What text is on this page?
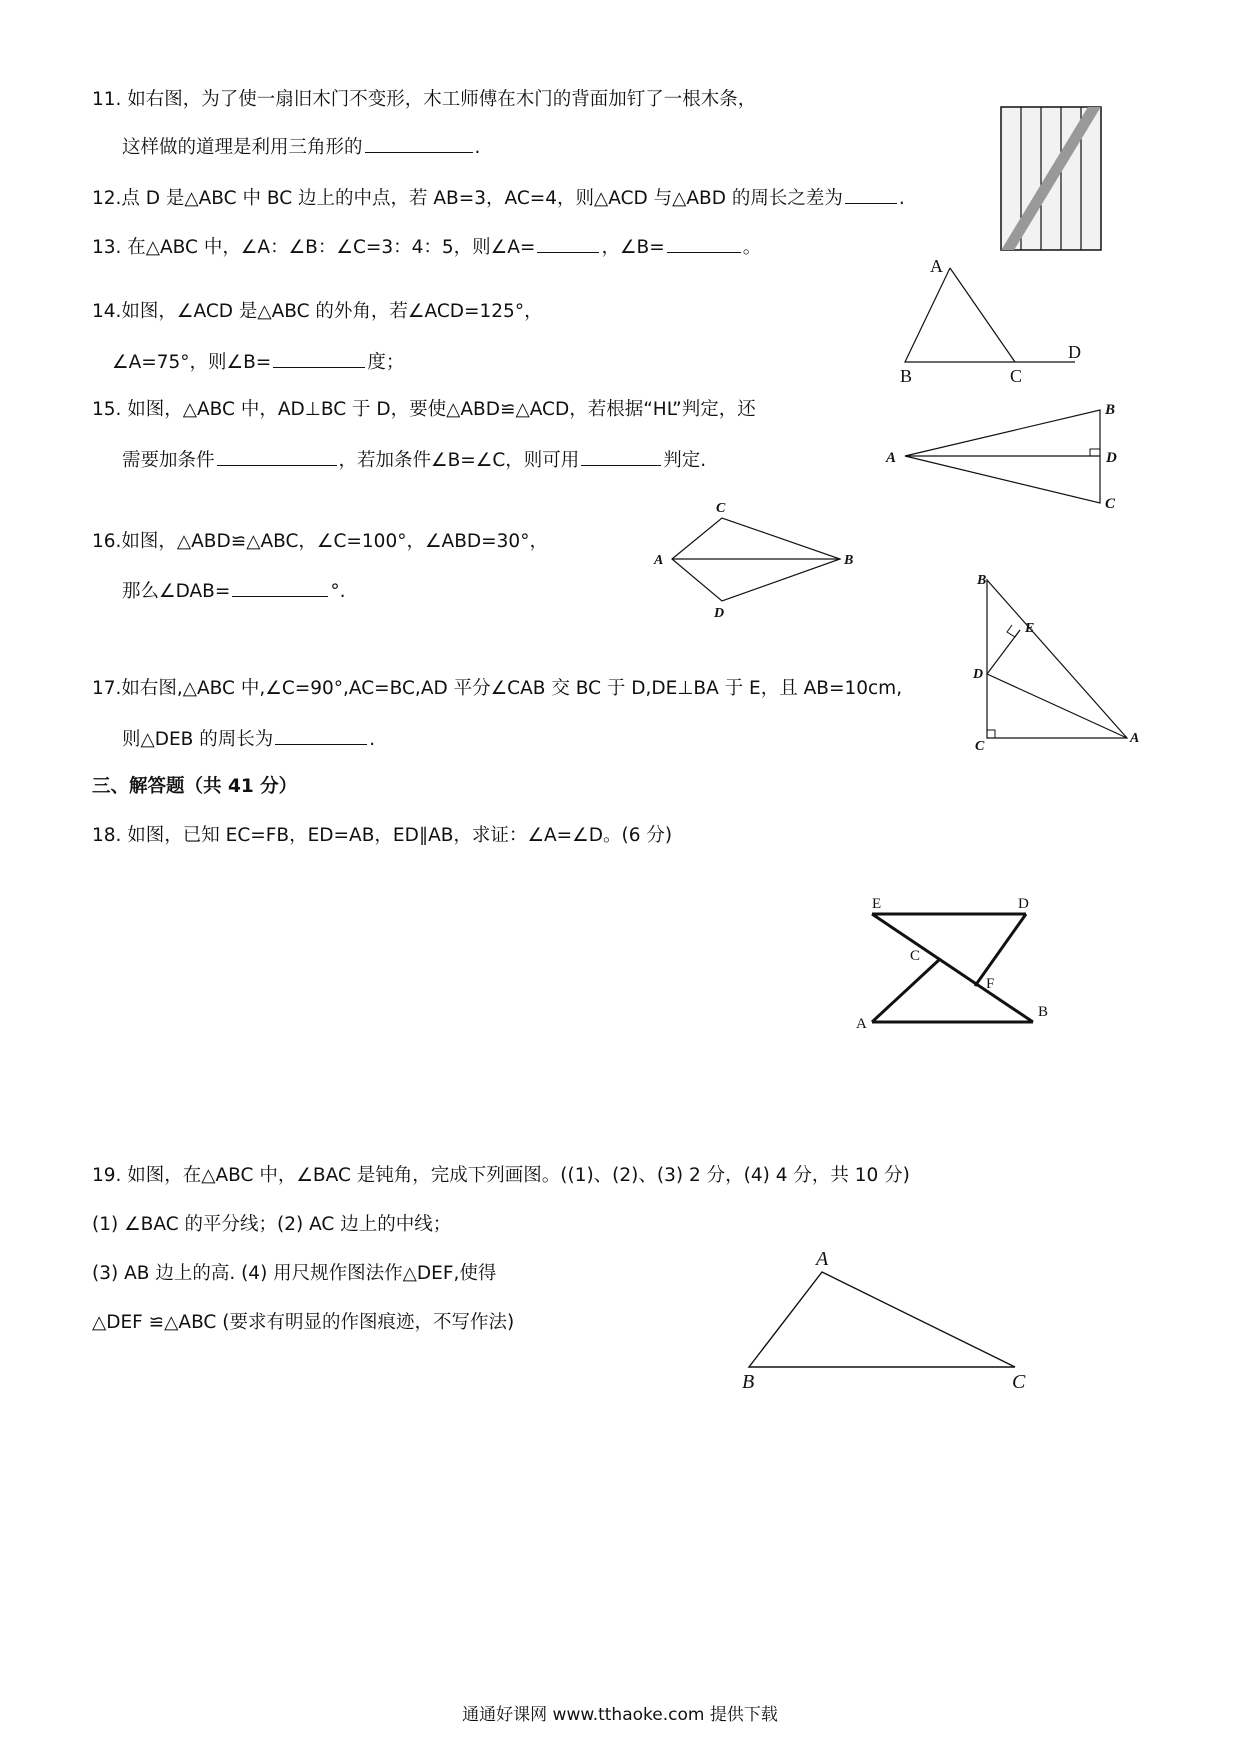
11. 如右图，为了使一扇旧木门不变形，木工师傅在木门的背面加钉了一根木条，
这样做的道理是利用三角形的	.
12.点 D 是△ABC 中 BC 边上的中点，若 AB=3，AC=4，则△ACD 与△ABD 的周长之差为	.
13. 在△ABC 中，∠A：∠B：∠C=3：4：5，则∠A=	，∠B=	。
A
B	C
D
14.如图，∠ACD 是△ABC 的外角，若∠ACD=125°，
∠A=75°，则∠B=	度；
15. 如图，△ABC 中，AD⊥BC 于 D，要使△ABD≌△ACD，若根据“HL”判定，还
需要加条件	，若加条件∠B=∠C，则可用	判定.	A
B
D
C
16.如图，△ABD≌△ABC，∠C=100°，∠ABD=30°，
那么∠DAB=	°.
A
C
B
D
B
E
D
C
A
17.如右图,△ABC 中,∠C=90°,AC=BC,AD 平分∠CAB 交 BC 于 D,DE⊥BA 于 E，且 AB=10cm,
则△DEB 的周长为	.
三、解答题（共 41 分）
18. 如图，已知 EC=FB，ED=AB，ED∥AB，求证：∠A=∠D。(6 分)
E	D
C
F
A
B
19. 如图，在△ABC 中，∠BAC 是钝角，完成下列画图。((1)、(2)、(3) 2 分，(4) 4 分，共 10 分)
(1) ∠BAC 的平分线；(2) AC 边上的中线；
(3) AB 边上的高. (4) 用尺规作图法作△DEF,使得
△DEF ≌△ABC (要求有明显的作图痕迹，不写作法)
A
B	C
通通好课网 www.tthaoke.com 提供下载
